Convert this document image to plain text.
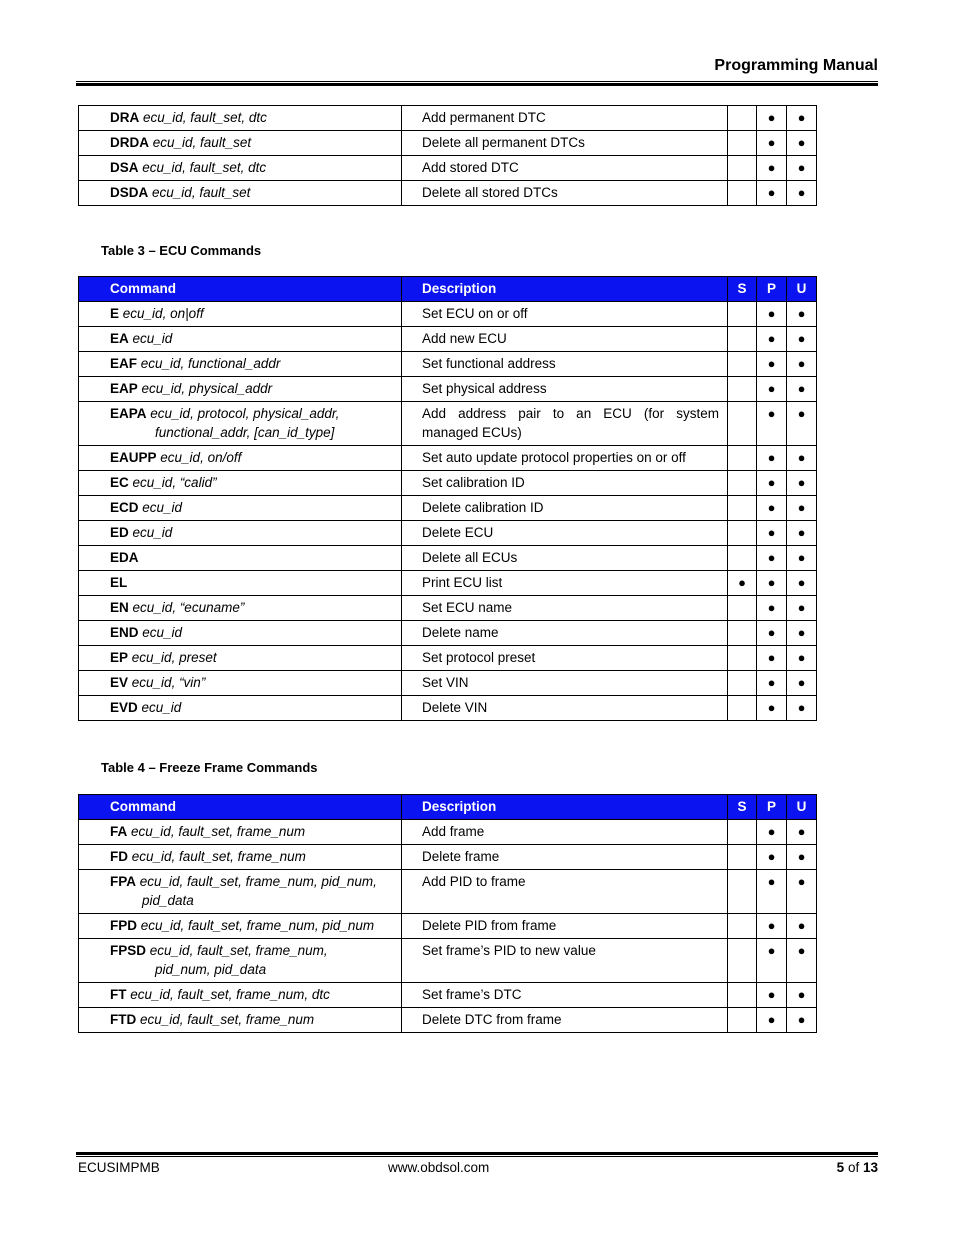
Programming Manual
DRA ecu_id, fault_set, dtc	Add permanent DTC		●	●
DRDA ecu_id, fault_set	Delete all permanent DTCs		●	●
DSA ecu_id, fault_set, dtc	Add stored DTC		●	●
DSDA ecu_id, fault_set	Delete all stored DTCs		●	●
Table 3 – ECU Commands
Command	Description	S	P	U
E ecu_id, on|off	Set ECU on or off		●	●
EA ecu_id	Add new ECU		●	●
EAF ecu_id, functional_addr	Set functional address		●	●
EAP ecu_id, physical_addr	Set physical address		●	●
EAPA ecu_id, protocol, physical_addr,
functional_addr, [can_id_type]	Add address pair to an ECU (for system managed ECUs)		●	●
EAUPP ecu_id, on/off	Set auto update protocol properties on or off		●	●
EC ecu_id, “calid”	Set calibration ID		●	●
ECD ecu_id	Delete calibration ID		●	●
ED ecu_id	Delete ECU		●	●
EDA	Delete all ECUs		●	●
EL	Print ECU list	●	●	●
EN ecu_id, “ecuname”	Set ECU name		●	●
END ecu_id	Delete name		●	●
EP ecu_id, preset	Set protocol preset		●	●
EV ecu_id, “vin”	Set VIN		●	●
EVD ecu_id	Delete VIN		●	●
Table 4 – Freeze Frame Commands
Command	Description	S	P	U
FA ecu_id, fault_set, frame_num	Add frame		●	●
FD ecu_id, fault_set, frame_num	Delete frame		●	●
FPA ecu_id, fault_set, frame_num, pid_num,
pid_data	Add PID to frame		●	●
FPD ecu_id, fault_set, frame_num, pid_num	Delete PID from frame		●	●
FPSD ecu_id, fault_set, frame_num,
pid_num, pid_data	Set frame’s PID to new value		●	●
FT ecu_id, fault_set, frame_num, dtc	Set frame’s DTC		●	●
FTD ecu_id, fault_set, frame_num	Delete DTC from frame		●	●
ECUSIMPMB	www.obdsol.com	5 of 13
